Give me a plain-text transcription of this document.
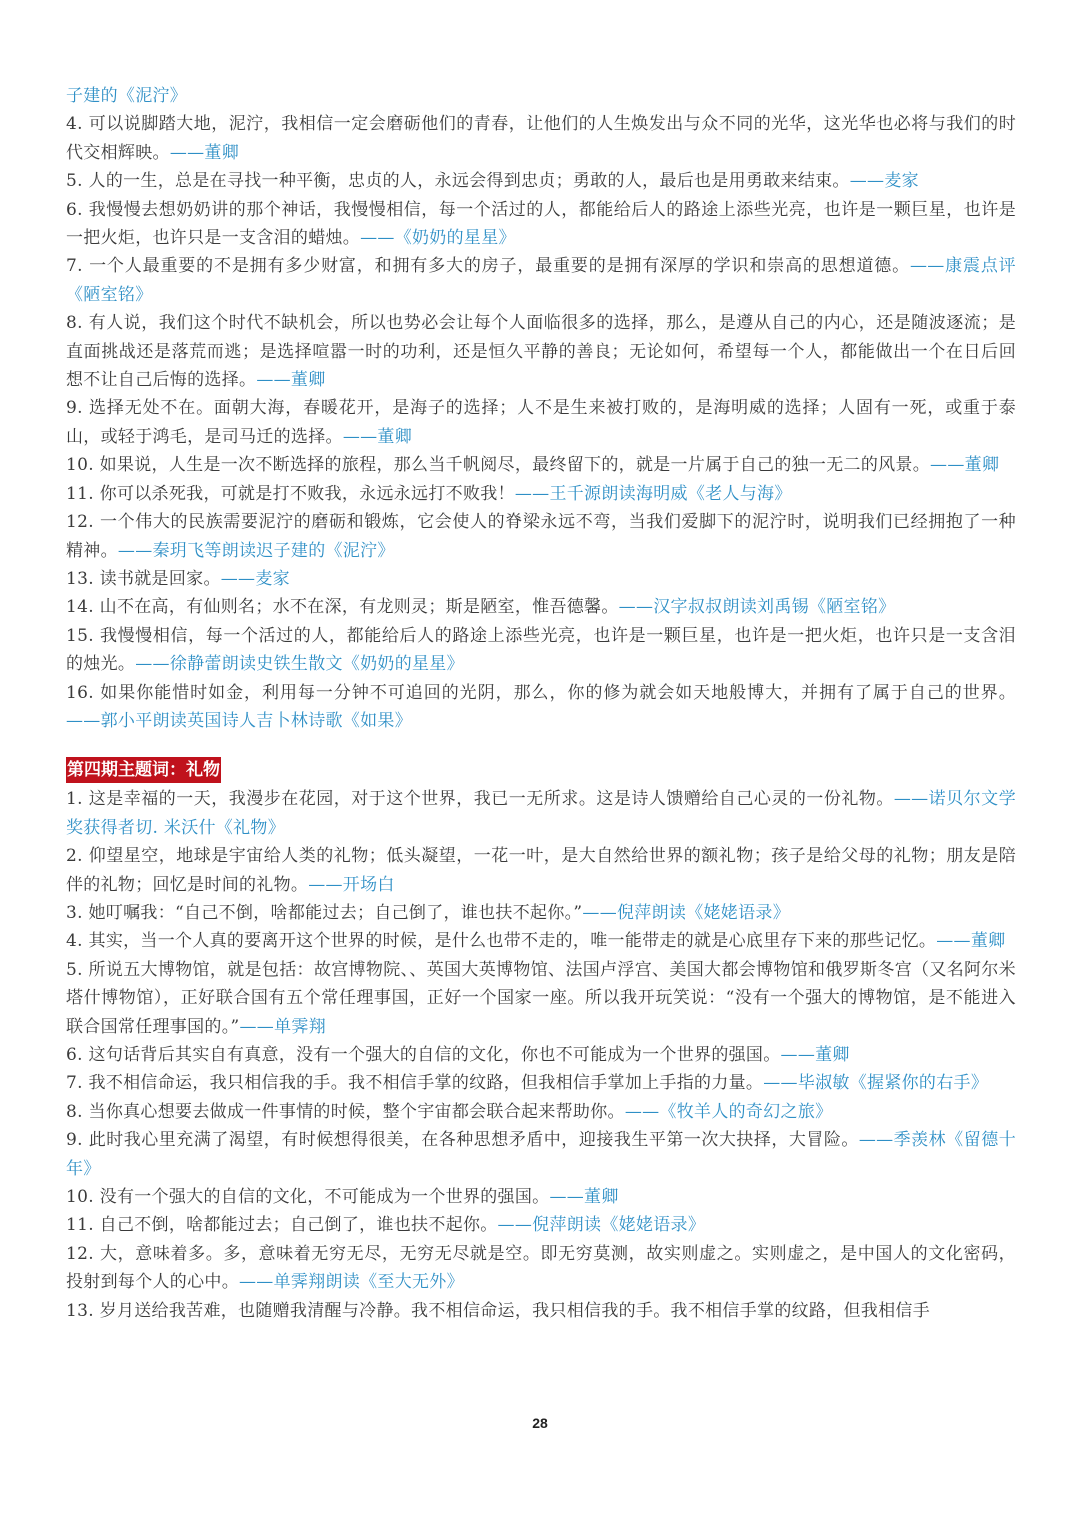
子建的《泥泞》
4. 可以说脚踏大地，泥泞，我相信一定会磨砺他们的青春，让他们的人生焕发出与众不同的光华，这光华也必将与我们的时代交相辉映。——董卿
5. 人的一生，总是在寻找一种平衡，忠贞的人，永远会得到忠贞；勇敢的人，最后也是用勇敢来结束。——麦家
6. 我慢慢去想奶奶讲的那个神话，我慢慢相信，每一个活过的人，都能给后人的路途上添些光亮，也许是一颗巨星，也许是一把火炬，也许只是一支含泪的蜡烛。——《奶奶的星星》
7. 一个人最重要的不是拥有多少财富，和拥有多大的房子，最重要的是拥有深厚的学识和崇高的思想道德。——康震点评《陋室铭》
8. 有人说，我们这个时代不缺机会，所以也势必会让每个人面临很多的选择，那么，是遵从自己的内心，还是随波逐流；是直面挑战还是落荒而逃；是选择喧嚣一时的功利，还是恒久平静的善良；无论如何，希望每一个人，都能做出一个在日后回想不让自己后悔的选择。——董卿
9. 选择无处不在。面朝大海，春暖花开，是海子的选择；人不是生来被打败的，是海明威的选择；人固有一死，或重于泰山，或轻于鸿毛，是司马迁的选择。——董卿
10. 如果说，人生是一次不断选择的旅程，那么当千帆阅尽，最终留下的，就是一片属于自己的独一无二的风景。——董卿
11. 你可以杀死我，可就是打不败我，永远永远打不败我！——王千源朗读海明威《老人与海》
12. 一个伟大的民族需要泥泞的磨砺和锻炼，它会使人的脊梁永远不弯，当我们爱脚下的泥泞时，说明我们已经拥抱了一种精神。——秦玥飞等朗读迟子建的《泥泞》
13. 读书就是回家。——麦家
14. 山不在高，有仙则名；水不在深，有龙则灵；斯是陋室，惟吾德馨。——汉字叔叔朗读刘禹锡《陋室铭》
15. 我慢慢相信，每一个活过的人，都能给后人的路途上添些光亮，也许是一颗巨星，也许是一把火炬，也许只是一支含泪的烛光。——徐静蕾朗读史铁生散文《奶奶的星星》
16. 如果你能惜时如金，利用每一分钟不可追回的光阴，那么，你的修为就会如天地般博大，并拥有了属于自己的世界。——郭小平朗读英国诗人吉卜林诗歌《如果》
第四期主题词：礼物
1. 这是幸福的一天，我漫步在花园，对于这个世界，我已一无所求。这是诗人馈赠给自己心灵的一份礼物。——诺贝尔文学奖获得者切. 米沃什《礼物》
2. 仰望星空，地球是宇宙给人类的礼物；低头凝望，一花一叶，是大自然给世界的额礼物；孩子是给父母的礼物；朋友是陪伴的礼物；回忆是时间的礼物。——开场白
3. 她叮嘱我：“自己不倒，啥都能过去；自己倒了，谁也扶不起你。”——倪萍朗读《姥姥语录》
4. 其实，当一个人真的要离开这个世界的时候，是什么也带不走的，唯一能带走的就是心底里存下来的那些记忆。——董卿
5. 所说五大博物馆，就是包括：故宫博物院、、英国大英博物馆、法国卢浮宫、美国大都会博物馆和俄罗斯冬宫（又名阿尔米塔什博物馆），正好联合国有五个常任理事国，正好一个国家一座。所以我开玩笑说：“没有一个强大的博物馆，是不能进入联合国常任理事国的。”——单霁翔
6. 这句话背后其实自有真意，没有一个强大的自信的文化，你也不可能成为一个世界的强国。——董卿
7. 我不相信命运，我只相信我的手。我不相信手掌的纹路，但我相信手掌加上手指的力量。——毕淑敏《握紧你的右手》
8. 当你真心想要去做成一件事情的时候，整个宇宙都会联合起来帮助你。——《牧羊人的奇幻之旅》
9. 此时我心里充满了渴望，有时候想得很美，在各种思想矛盾中，迎接我生平第一次大抉择，大冒险。——季羡林《留德十年》
10. 没有一个强大的自信的文化，不可能成为一个世界的强国。——董卿
11. 自己不倒，啥都能过去；自己倒了，谁也扶不起你。——倪萍朗读《姥姥语录》
12. 大，意味着多。多，意味着无穷无尽，无穷无尽就是空。即无穷莫测，故实则虚之。实则虚之，是中国人的文化密码，投射到每个人的心中。——单霁翔朗读《至大无外》
13. 岁月送给我苦难，也随赠我清醒与冷静。我不相信命运，我只相信我的手。我不相信手掌的纹路，但我相信手
28
